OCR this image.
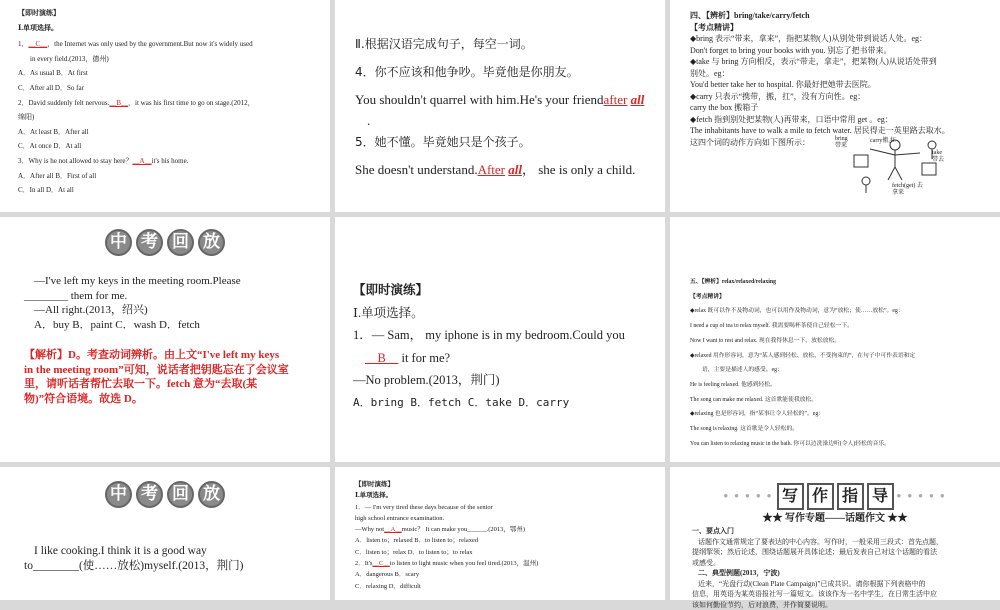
【即时演练】
Ⅰ.单项选择。
1．__C__，the Internet was only used by the government.But now it's widely used
in every field.(2013，德州)
A．As usual B．At first
C．After all D．So far
2．David suddenly felt nervous.__B__，it was his first time to go on stage.(2012，
绵阳)
A．At least B．After all
C．At once D．At all
3．Why is he not allowed to stay here？__A__it's his home.
A．After all B．First of all
C．In all D．At all
Ⅱ.根据汉语完成句子，每空一词。
4．你不应该和他争吵。毕竟他是你朋友。
You shouldn't quarrel with him.He's your friendafter all
.
5．她不懂。毕竟她只是个孩子。
She doesn't understand.After all， she is only a child.
四、【辨析】bring/take/carry/fetch
【考点精讲】
◆bring 表示“带来，拿来”，指把某物(人)从别处带到说话人处。eg：
Don't forget to bring your books with you. 别忘了把书带来。
◆take 与 bring 方向相反，表示“带走，拿走”，把某物(人)从说话处带到
别处。eg：
You'd better take her to hospital. 你最好把她带去医院。
◆carry 只表示“携带，搬，扛”，没有方向性。eg：
carry the box 搬箱子
◆fetch 指到别处把某物(人)再带来，口语中常用 get 。eg：
The inhabitants have to walk a mile to fetch water. 居民得走一英里路去取水。
这四个词的动作方向如下图所示：	bring 带来
carry搬,扛
take 带去
fetch(get) 去拿来
中 考 回 放
—I've left my keys in the meeting room.Please
________ them for me.
—All right.(2013，绍兴)
A．buy B．paint C．wash D．fetch
【解析】D。考查动词辨析。由上文“I've left my keys
in the meeting room”可知，说话者把钥匙忘在了会议室
里，请听话者帮忙去取一下。fetch 意为“去取(某
物)”符合语境。故选 D。
【即时演练】
Ⅰ.单项选择。
1．— Sam， my iphone is in my bedroom.Could you
__B__ it for me?
—No problem.(2013，荆门)
A．bring B．fetch C．take D．carry
五、【辨析】relax/relaxed/relaxing
【考点精讲】
◆relax 既可以作不及物动词，也可以用作及物动词，意为“放松；使……放松”。eg：
I need a cup of tea to relax myself. 我需要喝杯茶使自己轻松一下。
Now I want to rest and relax. 现在我得休息一下，放松放松。
◆relaxed 用作形容词，意为“某人感到轻松、放松、不受拘束的”，在句子中可作表语和定
语，主要是描述人的感受。eg：
He is feeling relaxed. 他感到轻松。
The song can make me relaxed. 这首歌能使我放松。
◆relaxing 也是形容词，指“某事让令人轻松的”。eg：
The song is relaxing. 这首歌是令人轻松的。
You can listen to relaxing music in the bath. 你可以边洗澡边听(令人)轻松的音乐。
中 考 回 放
I like cooking.I think it is a good way
to________(使……放松)myself.(2013，荆门)
【即时演练】
Ⅰ.单项选择。
1．— I'm very tired these days because of the senior
high school entrance examination.
—Why not__A__music？ It can make you______.(2013，鄂州)
A．listen to；relaxed B．to listen to；relaxed
C．listen to；relax D．to listen to；to relax
2．It's__C__to listen to light music when you feel tired.(2013，温州)
A．dangerous B．scary
C．relaxing D．difficult
● ● ● ● ● 写 作 指 导	● ● ● ● ●
★★ 写作专题——话题作文 ★★
一、要点入门
话题作文通常规定了要表达的中心内容。写作时，一般采用三段式：首先点题，
提纲挈领；然后论述，围绕话题展开具体论述；最后发表自己对这个话题的看法
或感受。
二、典型例题(2013，宁波)
近来，“光盘行动(Clean Plate Campaign)”已成共识。请你根据下列表格中的
信息，用英语为某英语报社写一篇短文。该该作为一名中学生，在日常生活中应
该如何勤俭节约，后对浪费，并作简要说明。
